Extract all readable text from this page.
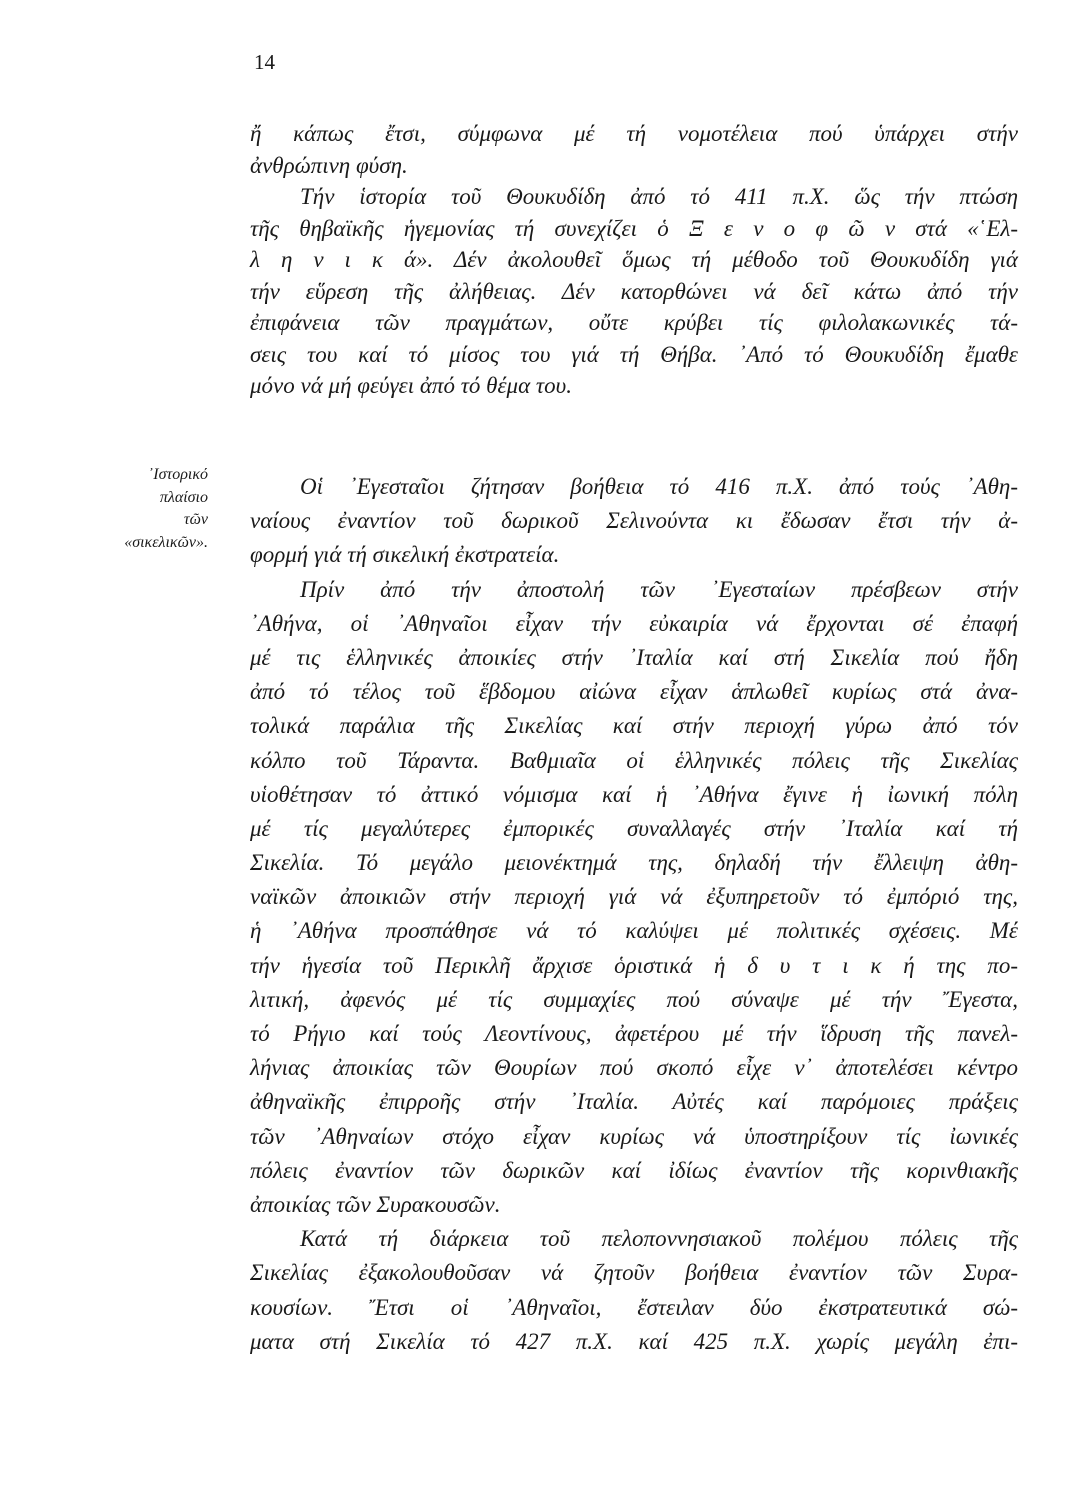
14
᾿Ιστορικό
πλαίσιο
τῶν
«σικελικῶν».
ἤ κάπως ἔτσι, σύμφωνα μέ τή νομοτέλεια πού ὑπάρχει στήν
ἀνθρώπινη φύση.
Τήν ἱστορία τοῦ Θουκυδίδη ἀπό τό 411 π.Χ. ὥς τήν πτώση
τῆς θηβαϊκῆς ἡγεμονίας τή συνεχίζει ὁ Ξ ε ν ο φ ῶ ν στά «῾Ελ-
λ η ν ι κ ά». Δέν ἀκολουθεῖ ὅμως τή μέθοδο τοῦ Θουκυδίδη γιά
τήν εὕρεση τῆς ἀλήθειας. Δέν κατορθώνει νά δεῖ κάτω ἀπό τήν
ἐπιφάνεια τῶν πραγμάτων, οὔτε κρύβει τίς φιλολακωνικές τά-
σεις του καί τό μίσος του γιά τή Θήβα. ᾿Από τό Θουκυδίδη ἔμαθε
μόνο νά μή φεύγει ἀπό τό θέμα του.
Οἱ ᾿Εγεσταῖοι ζήτησαν βοήθεια τό 416 π.Χ. ἀπό τούς ᾿Αθη-
ναίους ἐναντίον τοῦ δωρικοῦ Σελινούντα κι ἔδωσαν ἔτσι τήν ἀ-
φορμή γιά τή σικελική ἐκστρατεία.
Πρίν ἀπό τήν ἀποστολή τῶν ᾿Εγεσταίων πρέσβεων στήν
᾿Αθήνα, οἱ ᾿Αθηναῖοι εἶχαν τήν εὐκαιρία νά ἔρχονται σέ ἐπαφή
μέ τις ἑλληνικές ἀποικίες στήν ᾿Ιταλία καί στή Σικελία πού ἤδη
ἀπό τό τέλος τοῦ ἕβδομου αἰώνα εἶχαν ἁπλωθεῖ κυρίως στά ἀνα-
τολικά παράλια τῆς Σικελίας καί στήν περιοχή γύρω ἀπό τόν
κόλπο τοῦ Τάραντα. Βαθμιαῖα οἱ ἑλληνικές πόλεις τῆς Σικελίας
υἱοθέτησαν τό ἀττικό νόμισμα καί ἡ ᾿Αθήνα ἔγινε ἡ ἰωνική πόλη
μέ τίς μεγαλύτερες ἐμπορικές συναλλαγές στήν ᾿Ιταλία καί τή
Σικελία. Τό μεγάλο μειονέκτημά της, δηλαδή τήν ἔλλειψη ἀθη-
ναϊκῶν ἀποικιῶν στήν περιοχή γιά νά ἐξυπηρετοῦν τό ἐμπόριό της,
ἡ ᾿Αθήνα προσπάθησε νά τό καλύψει μέ πολιτικές σχέσεις. Μέ
τήν ἡγεσία τοῦ Περικλῆ ἄρχισε ὁριστικά ἡ δ υ τ ι κ ή της πο-
λιτική, ἀφενός μέ τίς συμμαχίες πού σύναψε μέ τήν Ἔγεστα,
τό Ρήγιο καί τούς Λεοντίνους, ἀφετέρου μέ τήν ἵδρυση τῆς πανελ-
λήνιας ἀποικίας τῶν Θουρίων πού σκοπό εἶχε ν᾿ ἀποτελέσει κέντρο
ἀθηναϊκῆς ἐπιρροῆς στήν ᾿Ιταλία. Αὐτές καί παρόμοιες πράξεις
τῶν ᾿Αθηναίων στόχο εἶχαν κυρίως νά ὑποστηρίξουν τίς ἰωνικές
πόλεις ἐναντίον τῶν δωρικῶν καί ἰδίως ἐναντίον τῆς κορινθιακῆς
ἀποικίας τῶν Συρακουσῶν.
Κατά τή διάρκεια τοῦ πελοποννησιακοῦ πολέμου πόλεις τῆς
Σικελίας ἐξακολουθοῦσαν νά ζητοῦν βοήθεια ἐναντίον τῶν Συρα-
κουσίων. Ἔτσι οἱ ᾿Αθηναῖοι, ἔστειλαν δύο ἐκστρατευτικά σώ-
ματα στή Σικελία τό 427 π.Χ. καί 425 π.Χ. χωρίς μεγάλη ἐπι-
